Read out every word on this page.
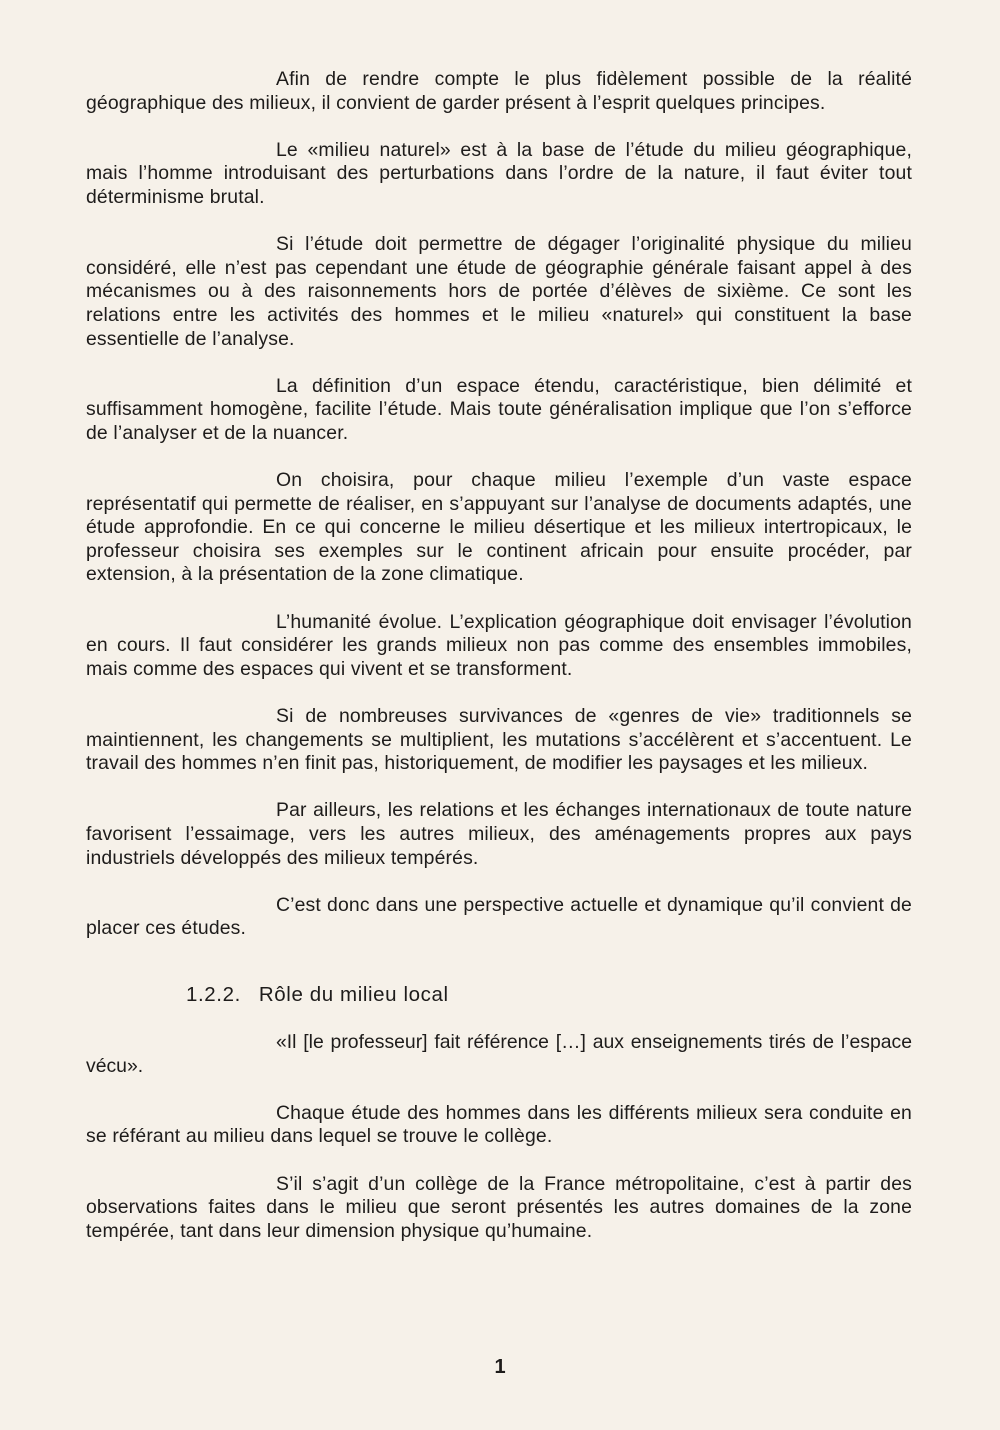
Afin de rendre compte le plus fidèlement possible de la réalité géographique des milieux, il convient de garder présent à l’esprit quelques principes.

Le «milieu naturel» est à la base de l’étude du milieu géographique, mais l’homme introduisant des perturbations dans l’ordre de la nature, il faut éviter tout déterminisme brutal.

Si l’étude doit permettre de dégager l’originalité physique du milieu considéré, elle n’est pas cependant une étude de géographie générale faisant appel à des mécanismes ou à des raisonnements hors de portée d’élèves de sixième. Ce sont les relations entre les activités des hommes et le milieu «naturel» qui constituent la base essentielle de l’analyse.

La définition d’un espace étendu, caractéristique, bien délimité et suffisamment homogène, facilite l’étude. Mais toute généralisation implique que l’on s’efforce de l’analyser et de la nuancer.

On choisira, pour chaque milieu l’exemple d’un vaste espace représentatif qui permette de réaliser, en s’appuyant sur l’analyse de documents adaptés, une étude approfondie. En ce qui concerne le milieu désertique et les milieux intertropicaux, le professeur choisira ses exemples sur le continent africain pour ensuite procéder, par extension, à la présentation de la zone climatique.

L’humanité évolue. L’explication géographique doit envisager l’évolution en cours. Il faut considérer les grands milieux non pas comme des ensembles immobiles, mais comme des espaces qui vivent et se transforment.

Si de nombreuses survivances de «genres de vie» traditionnels se maintiennent, les changements se multiplient, les mutations s’accélèrent et s’accentuent. Le travail des hommes n’en finit pas, historiquement, de modifier les paysages et les milieux.

Par ailleurs, les relations et les échanges internationaux de toute nature favorisent l’essaimage, vers les autres milieux, des aménagements propres aux pays industriels développés des milieux tempérés.

C’est donc dans une perspective actuelle et dynamique qu’il convient de placer ces études.

1.2.2. Rôle du milieu local

«Il [le professeur] fait référence […] aux enseignements tirés de l’espace vécu».

Chaque étude des hommes dans les différents milieux sera conduite en se référant au milieu dans lequel se trouve le collège.

S’il s’agit d’un collège de la France métropolitaine, c’est à partir des observations faites dans le milieu que seront présentés les autres domaines de la zone tempérée, tant dans leur dimension physique qu’humaine.

1
